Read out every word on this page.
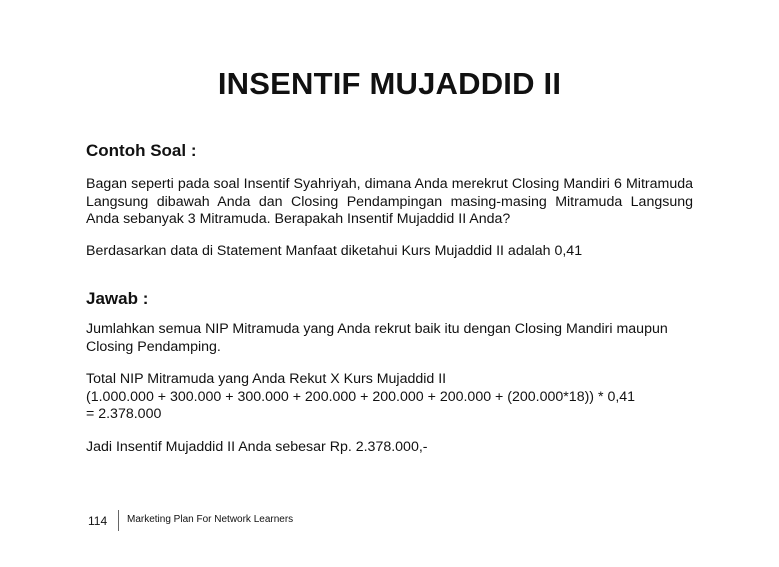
INSENTIF MUJADDID II
Contoh Soal :

Bagan seperti pada soal Insentif Syahriyah, dimana Anda merekrut Closing Mandiri 6 Mitramuda Langsung dibawah Anda dan Closing Pendampingan masing-masing Mitramuda Langsung Anda sebanyak 3 Mitramuda. Berapakah Insentif Mujaddid II Anda?

Berdasarkan data di Statement Manfaat diketahui Kurs Mujaddid II adalah 0,41

Jawab :

Jumlahkan semua NIP Mitramuda yang Anda rekrut baik itu dengan Closing Mandiri maupun Closing Pendamping.

Total NIP Mitramuda yang Anda Rekut X Kurs Mujaddid II
(1.000.000 + 300.000 + 300.000 + 200.000 + 200.000 + 200.000 + (200.000*18)) * 0,41
= 2.378.000

Jadi Insentif Mujaddid II Anda sebesar Rp. 2.378.000,-

114 Marketing Plan For Network Learners
